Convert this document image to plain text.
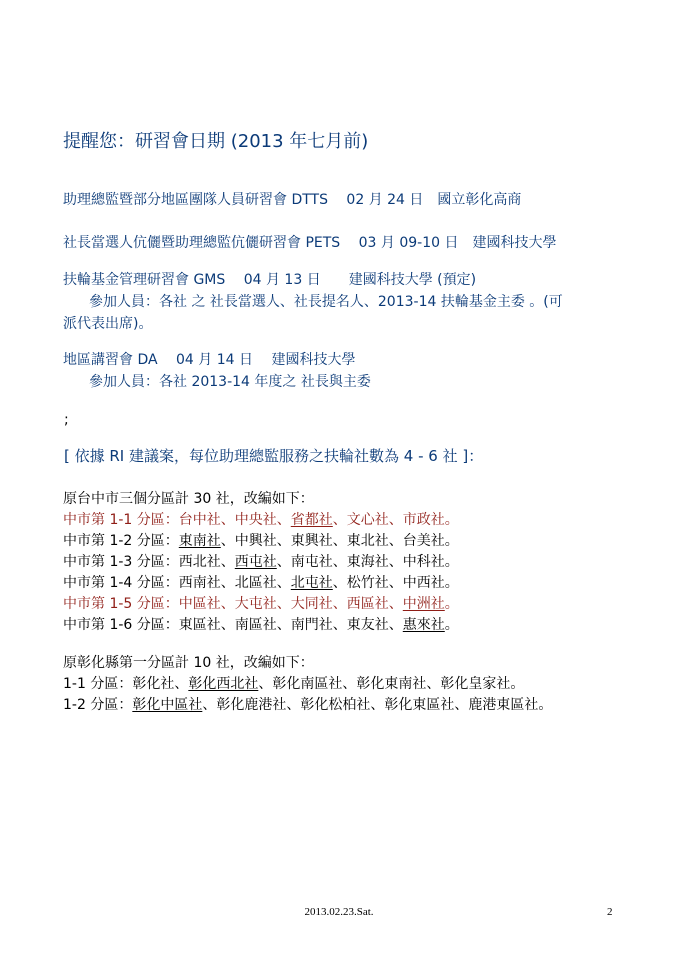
提醒您：研習會日期 (2013 年七月前)
助理總監暨部分地區團隊人員研習會 DTTS　 02 月 24 日　國立彰化高商
社長當選人伉儷暨助理總監伉儷研習會 PETS　 03 月 09-10 日　建國科技大學
扶輪基金管理研習會 GMS　 04 月 13 日　　建國科技大學 (預定)
參加人員：各社 之 社長當選人、社長提名人、2013-14 扶輪基金主委 。(可
派代表出席)。
地區講習會 DA　 04 月 14 日　 建國科技大學
參加人員：各社 2013-14 年度之 社長與主委
;
[ 依據 RI 建議案，每位助理總監服務之扶輪社數為 4 - 6 社 ]：
原台中市三個分區計 30 社，改編如下：
中市第 1-1 分區：台中社、中央社、省都社、文心社、市政社。
中市第 1-2 分區：東南社、中興社、東興社、東北社、台美社。
中市第 1-3 分區：西北社、西屯社、南屯社、東海社、中科社。
中市第 1-4 分區：西南社、北區社、北屯社、松竹社、中西社。
中市第 1-5 分區：中區社、大屯社、大同社、西區社、中洲社。
中市第 1-6 分區：東區社、南區社、南門社、東友社、惠來社。
原彰化縣第一分區計 10 社，改編如下：
1-1 分區：彰化社、彰化西北社、彰化南區社、彰化東南社、彰化皇家社。
1-2 分區：彰化中區社、彰化鹿港社、彰化松柏社、彰化東區社、鹿港東區社。
2013.02.23.Sat.	2
